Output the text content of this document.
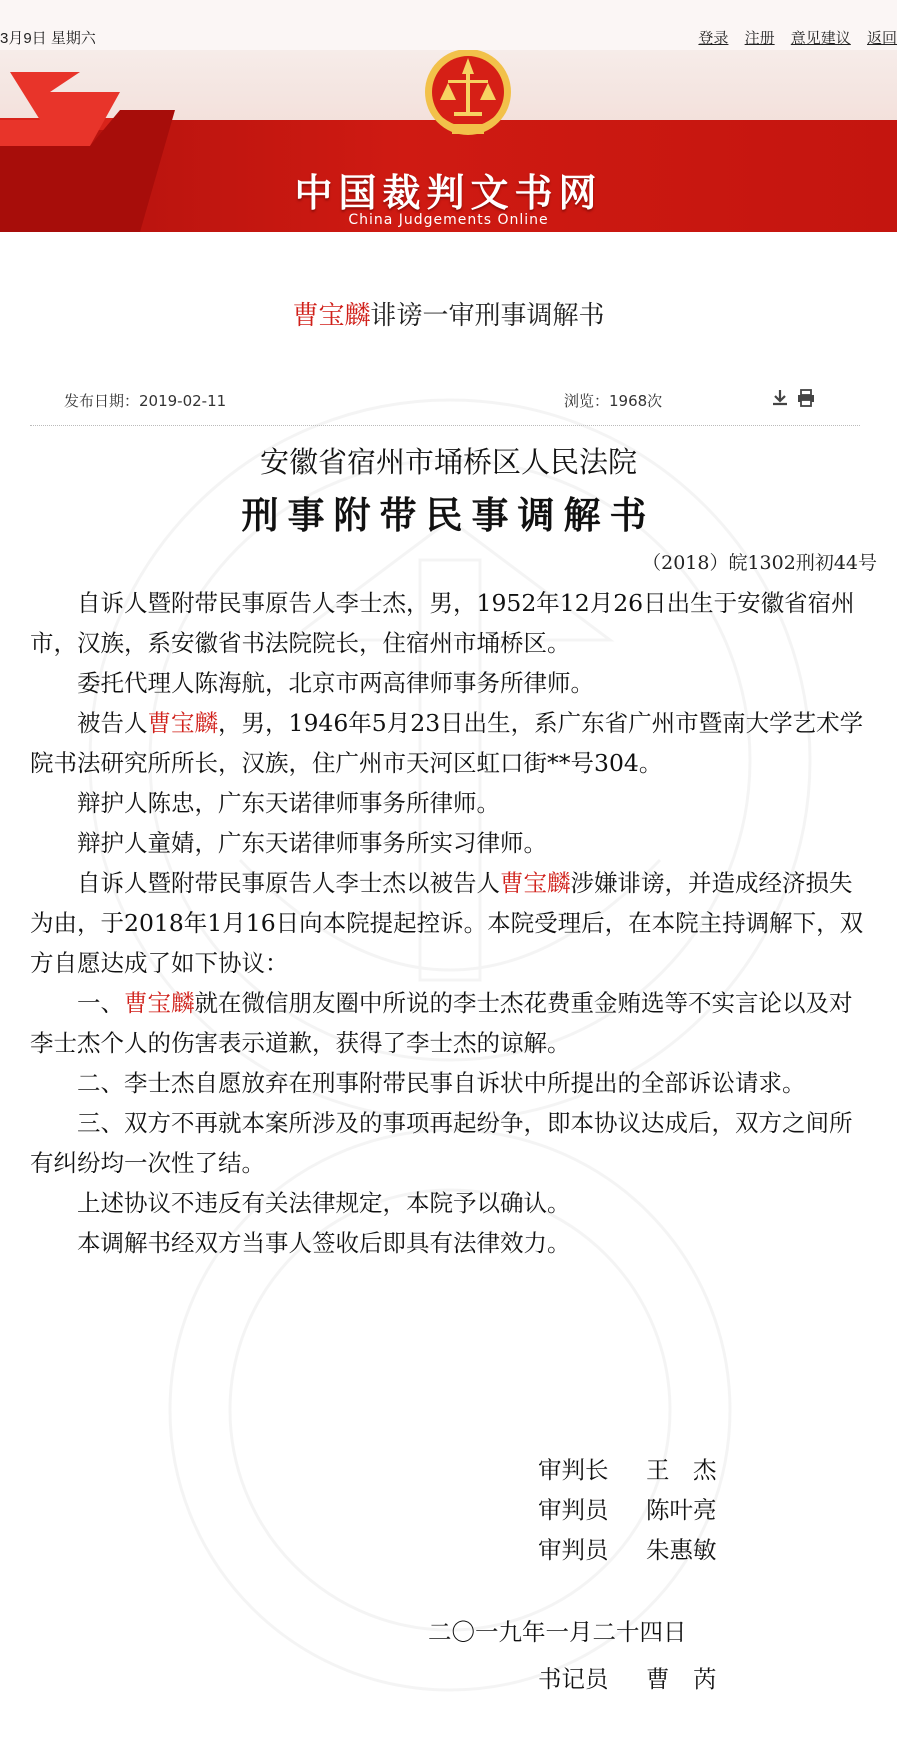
3月9日 星期六	登录 注册 意见建议 返回
中国裁判文书网
China Judgements Online
曹宝麟诽谤一审刑事调解书
发布日期：2019-02-11	浏览：1968次
安徽省宿州市埇桥区人民法院
刑事附带民事调解书
（2018）皖1302刑初44号

自诉人暨附带民事原告人李士杰，男，1952年12月26日出生于安徽省宿州市，汉族，系安徽省书法院院长，住宿州市埇桥区。

委托代理人陈海航，北京市两高律师事务所律师。

被告人曹宝麟，男，1946年5月23日出生，系广东省广州市暨南大学艺术学院书法研究所所长，汉族，住广州市天河区虹口街**号304。

辩护人陈忠，广东天诺律师事务所律师。

辩护人童婧，广东天诺律师事务所实习律师。

自诉人暨附带民事原告人李士杰以被告人曹宝麟涉嫌诽谤，并造成经济损失为由，于2018年1月16日向本院提起控诉。本院受理后，在本院主持调解下，双方自愿达成了如下协议：

一、曹宝麟就在微信朋友圈中所说的李士杰花费重金贿选等不实言论以及对李士杰个人的伤害表示道歉，获得了李士杰的谅解。

二、李士杰自愿放弃在刑事附带民事自诉状中所提出的全部诉讼请求。

三、双方不再就本案所涉及的事项再起纷争，即本协议达成后，双方之间所有纠纷均一次性了结。

上述协议不违反有关法律规定，本院予以确认。

本调解书经双方当事人签收后即具有法律效力。

审判长 王　杰
审判员 陈叶亮
审判员 朱惠敏
二〇一九年一月二十四日
书记员 曹　芮
